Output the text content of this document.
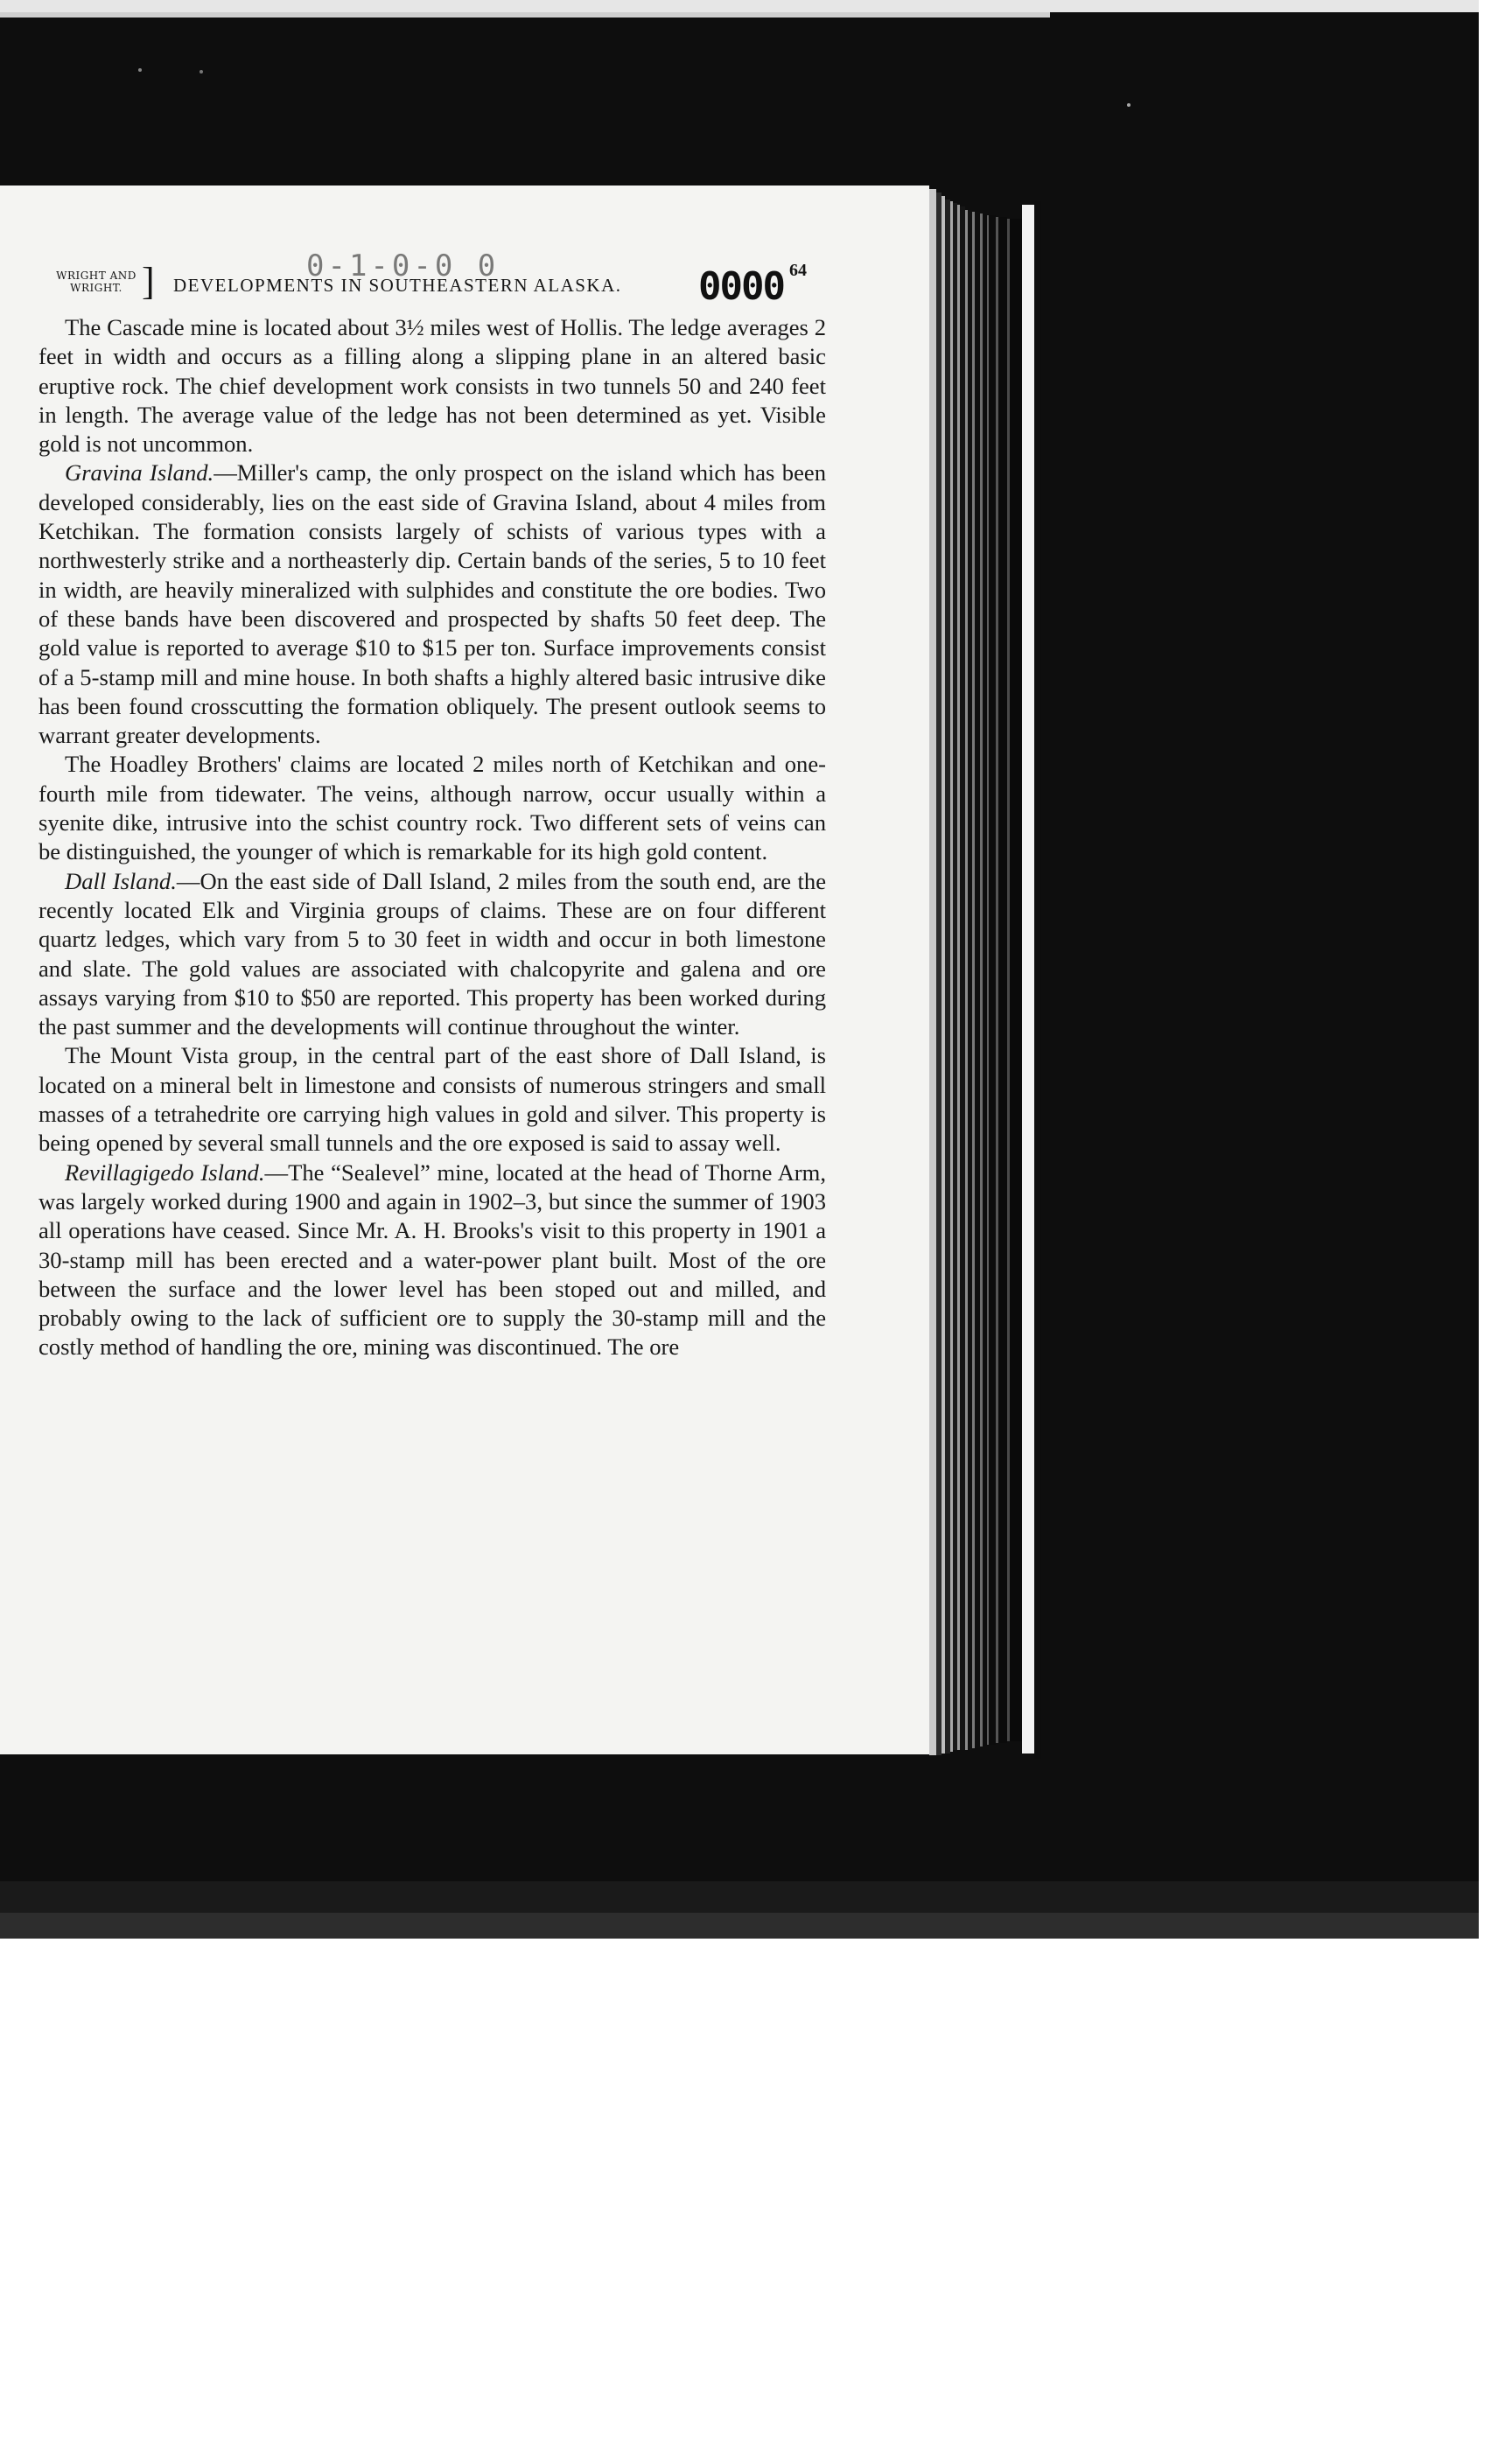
WRIGHT AND
WRIGHT. ] DEVELOPMENTS IN SOUTHEASTERN ALASKA.
0-1-0-0 0	0000 64

The Cascade mine is located about 3½ miles west of Hollis. The ledge averages 2 feet in width and occurs as a filling along a slipping plane in an altered basic eruptive rock. The chief development work consists in two tunnels 50 and 240 feet in length. The average value of the ledge has not been determined as yet. Visible gold is not uncommon.

Gravina Island.—Miller's camp, the only prospect on the island which has been developed considerably, lies on the east side of Gravina Island, about 4 miles from Ketchikan. The formation consists largely of schists of various types with a northwesterly strike and a northeasterly dip. Certain bands of the series, 5 to 10 feet in width, are heavily mineralized with sulphides and constitute the ore bodies. Two of these bands have been discovered and prospected by shafts 50 feet deep. The gold value is reported to average $10 to $15 per ton. Surface improvements consist of a 5-stamp mill and mine house. In both shafts a highly altered basic intrusive dike has been found crosscutting the formation obliquely. The present outlook seems to warrant greater developments.

The Hoadley Brothers' claims are located 2 miles north of Ketchikan and one-fourth mile from tidewater. The veins, although narrow, occur usually within a syenite dike, intrusive into the schist country rock. Two different sets of veins can be distinguished, the younger of which is remarkable for its high gold content.

Dall Island.—On the east side of Dall Island, 2 miles from the south end, are the recently located Elk and Virginia groups of claims. These are on four different quartz ledges, which vary from 5 to 30 feet in width and occur in both limestone and slate. The gold values are associated with chalcopyrite and galena and ore assays varying from $10 to $50 are reported. This property has been worked during the past summer and the developments will continue throughout the winter.

The Mount Vista group, in the central part of the east shore of Dall Island, is located on a mineral belt in limestone and consists of numerous stringers and small masses of a tetrahedrite ore carrying high values in gold and silver. This property is being opened by several small tunnels and the ore exposed is said to assay well.

Revillagigedo Island.—The “Sealevel” mine, located at the head of Thorne Arm, was largely worked during 1900 and again in 1902–3, but since the summer of 1903 all operations have ceased. Since Mr. A. H. Brooks's visit to this property in 1901 a 30-stamp mill has been erected and a water-power plant built. Most of the ore between the surface and the lower level has been stoped out and milled, and probably owing to the lack of sufficient ore to supply the 30-stamp mill and the costly method of handling the ore, mining was discontinued. The ore
